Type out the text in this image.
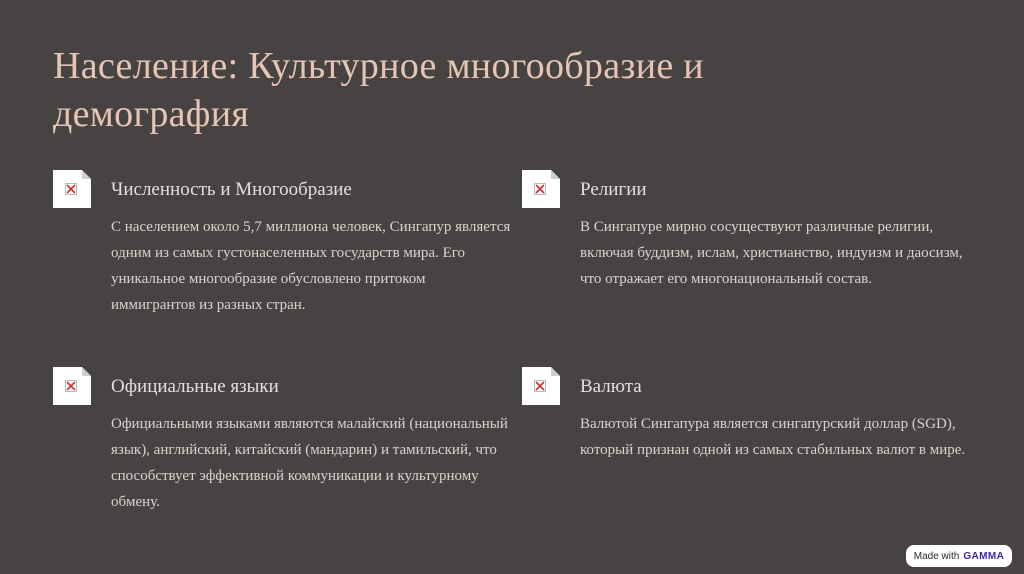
Население: Культурное многообразие и демография
Численность и Многообразие

С населением около 5,7 миллиона человек, Сингапур является одним из самых густонаселенных государств мира. Его уникальное многообразие обусловлено притоком иммигрантов из разных стран.

Религии

В Сингапуре мирно сосуществуют различные религии, включая буддизм, ислам, христианство, индуизм и даосизм, что отражает его многонациональный состав.

Официальные языки

Официальными языками являются малайский (национальный язык), английский, китайский (мандарин) и тамильский, что способствует эффективной коммуникации и культурному обмену.

Валюта

Валютой Сингапура является сингапурский доллар (SGD), который признан одной из самых стабильных валют в мире.

Made with GAMMA
